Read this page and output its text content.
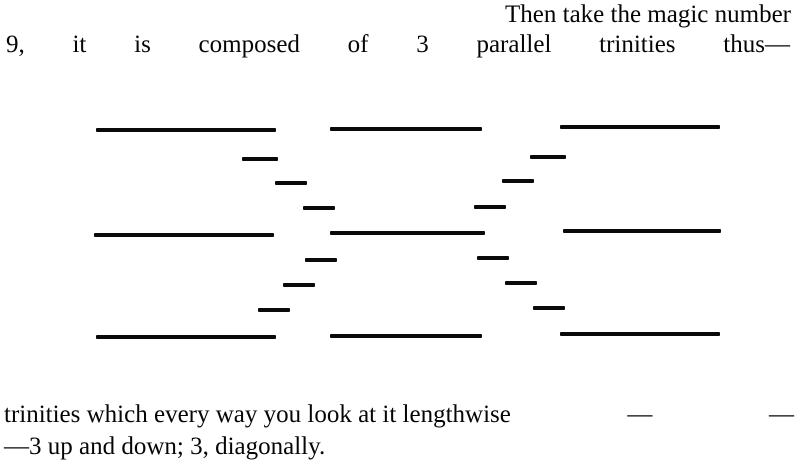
Then take the magic number
9, it is composed of 3 parallel trinities thus—
trinities which every way you look at it lengthwise	—	—
—3 up and down; 3, diagonally.
